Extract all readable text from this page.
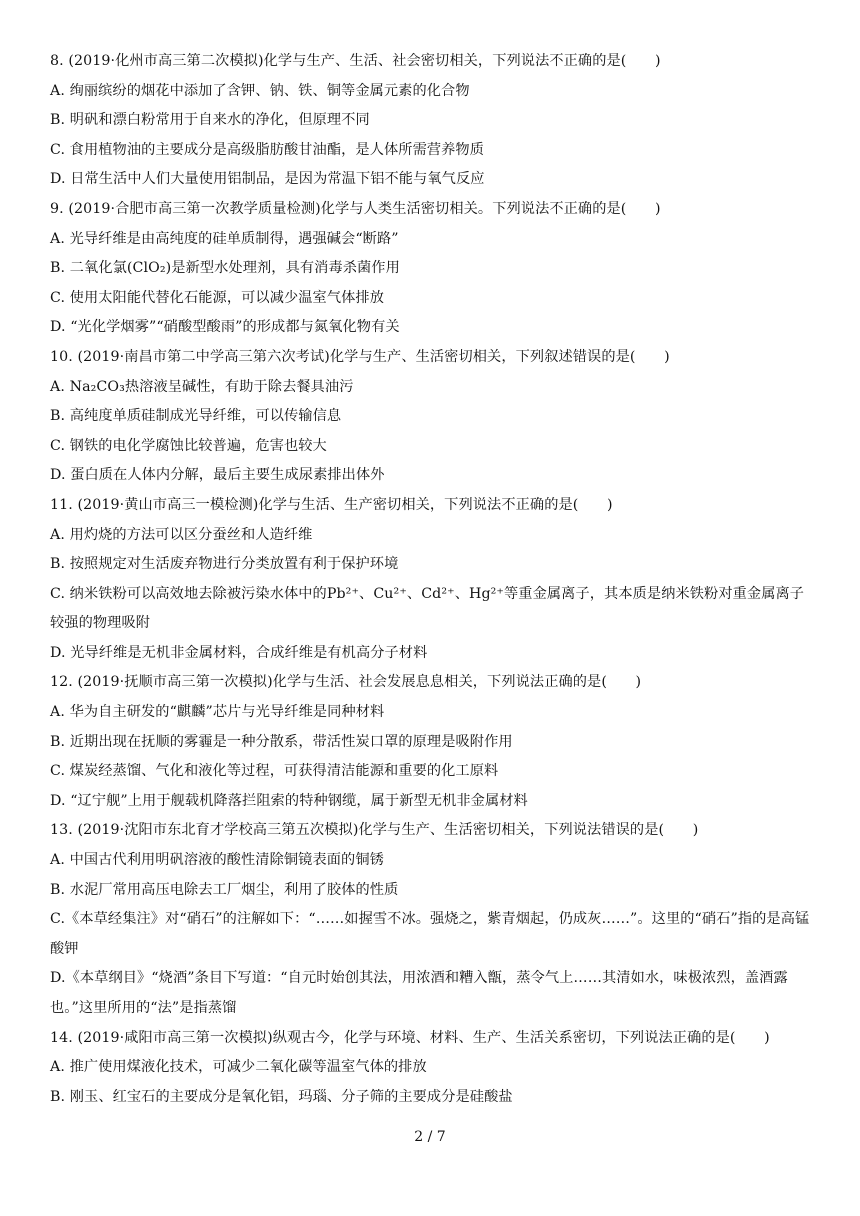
8. (2019·化州市高三第二次模拟)化学与生产、生活、社会密切相关，下列说法不正确的是(　　)
A. 绚丽缤纷的烟花中添加了含钾、钠、铁、铜等金属元素的化合物
B. 明矾和漂白粉常用于自来水的净化，但原理不同
C. 食用植物油的主要成分是高级脂肪酸甘油酯，是人体所需营养物质
D. 日常生活中人们大量使用铝制品，是因为常温下铝不能与氧气反应
9. (2019·合肥市高三第一次教学质量检测)化学与人类生活密切相关。下列说法不正确的是(　　)
A. 光导纤维是由高纯度的硅单质制得，遇强碱会“断路”
B. 二氧化氯(ClO₂)是新型水处理剂，具有消毒杀菌作用
C. 使用太阳能代替化石能源，可以减少温室气体排放
D. “光化学烟雾”“硝酸型酸雨”的形成都与氮氧化物有关
10. (2019·南昌市第二中学高三第六次考试)化学与生产、生活密切相关，下列叙述错误的是(　　)
A. Na₂CO₃热溶液呈碱性，有助于除去餐具油污
B. 高纯度单质硅制成光导纤维，可以传输信息
C. 钢铁的电化学腐蚀比较普遍，危害也较大
D. 蛋白质在人体内分解，最后主要生成尿素排出体外
11. (2019·黄山市高三一模检测)化学与生活、生产密切相关，下列说法不正确的是(　　)
A. 用灼烧的方法可以区分蚕丝和人造纤维
B. 按照规定对生活废弃物进行分类放置有利于保护环境
C. 纳米铁粉可以高效地去除被污染水体中的Pb²⁺、Cu²⁺、Cd²⁺、Hg²⁺等重金属离子，其本质是纳米铁粉对重金属离子较强的物理吸附
D. 光导纤维是无机非金属材料，合成纤维是有机高分子材料
12. (2019·抚顺市高三第一次模拟)化学与生活、社会发展息息相关，下列说法正确的是(　　)
A. 华为自主研发的“麒麟”芯片与光导纤维是同种材料
B. 近期出现在抚顺的雾霾是一种分散系，带活性炭口罩的原理是吸附作用
C. 煤炭经蒸馏、气化和液化等过程，可获得清洁能源和重要的化工原料
D. “辽宁舰”上用于舰载机降落拦阻索的特种钢缆，属于新型无机非金属材料
13. (2019·沈阳市东北育才学校高三第五次模拟)化学与生产、生活密切相关，下列说法错误的是(　　)
A. 中国古代利用明矾溶液的酸性清除铜镜表面的铜锈
B. 水泥厂常用高压电除去工厂烟尘，利用了胶体的性质
C.《本草经集注》对“硝石”的注解如下：“……如握雪不冰。强烧之，紫青烟起，仍成灰……”。这里的“硝石”指的是高锰酸钾
D.《本草纲目》“烧酒”条目下写道：“自元时始创其法，用浓酒和糟入甑，蒸令气上……其清如水，味极浓烈，盖酒露也。”这里所用的“法”是指蒸馏
14. (2019·咸阳市高三第一次模拟)纵观古今，化学与环境、材料、生产、生活关系密切，下列说法正确的是(　　)
A. 推广使用煤液化技术，可减少二氧化碳等温室气体的排放
B. 刚玉、红宝石的主要成分是氧化铝，玛瑙、分子筛的主要成分是硅酸盐
2 / 7
